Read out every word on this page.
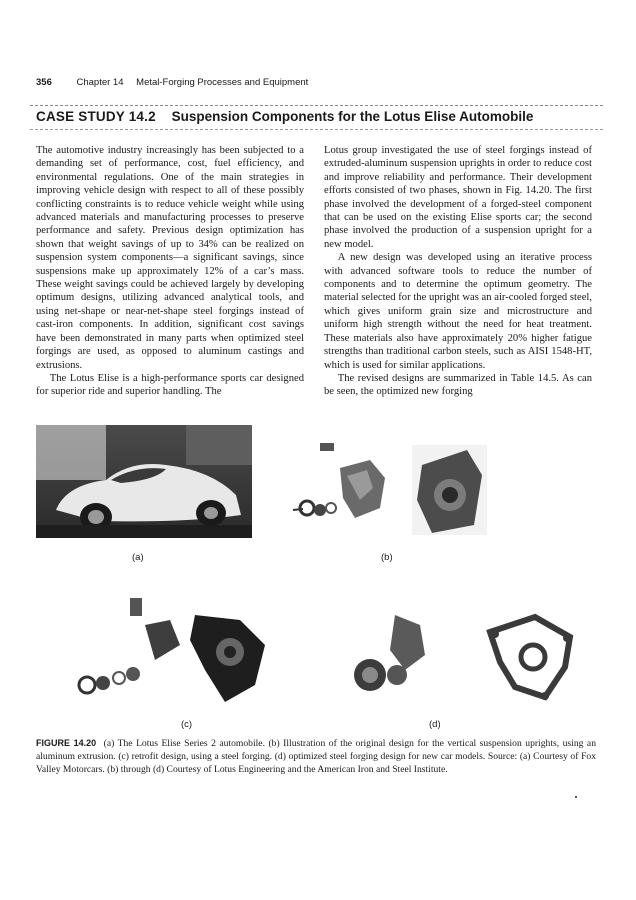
356	Chapter 14 Metal-Forging Processes and Equipment
CASE STUDY 14.2 Suspension Components for the Lotus Elise Automobile

The automotive industry increasingly has been subjected to a demanding set of performance, cost, fuel efficiency, and environmental regulations. One of the main strategies in improving vehicle design with respect to all of these possibly conflicting constraints is to reduce vehicle weight while using advanced materials and manufacturing processes to preserve performance and safety. Previous design optimization has shown that weight savings of up to 34% can be realized on suspension system components—a significant savings, since suspensions make up approximately 12% of a car’s mass. These weight savings could be achieved largely by developing optimum designs, utilizing advanced analytical tools, and using net-shape or near-net-shape steel forgings instead of cast-iron components. In addition, significant cost savings have been demonstrated in many parts when optimized steel forgings are used, as opposed to aluminum castings and extrusions.

The Lotus Elise is a high-performance sports car designed for superior ride and superior handling. The

Lotus group investigated the use of steel forgings instead of extruded-aluminum suspension uprights in order to reduce cost and improve reliability and performance. Their development efforts consisted of two phases, shown in Fig. 14.20. The first phase involved the development of a forged-steel component that can be used on the existing Elise sports car; the second phase involved the production of a suspension upright for a new model.

A new design was developed using an iterative process with advanced software tools to reduce the number of components and to determine the optimum geometry. The material selected for the upright was an air-cooled forged steel, which gives uniform grain size and microstructure and uniform high strength without the need for heat treatment. These materials also have approximately 20% higher fatigue strengths than traditional carbon steels, such as AISI 1548-HT, which is used for similar applications.

The revised designs are summarized in Table 14.5. As can be seen, the optimized new forging

(a)	(b)
(c)	(d)
FIGURE 14.20 (a) The Lotus Elise Series 2 automobile. (b) Illustration of the original design for the vertical suspension uprights, using an aluminum extrusion. (c) retrofit design, using a steel forging. (d) optimized steel forging design for new car models. Source: (a) Courtesy of Fox Valley Motorcars. (b) through (d) Courtesy of Lotus Engineering and the American Iron and Steel Institute.
